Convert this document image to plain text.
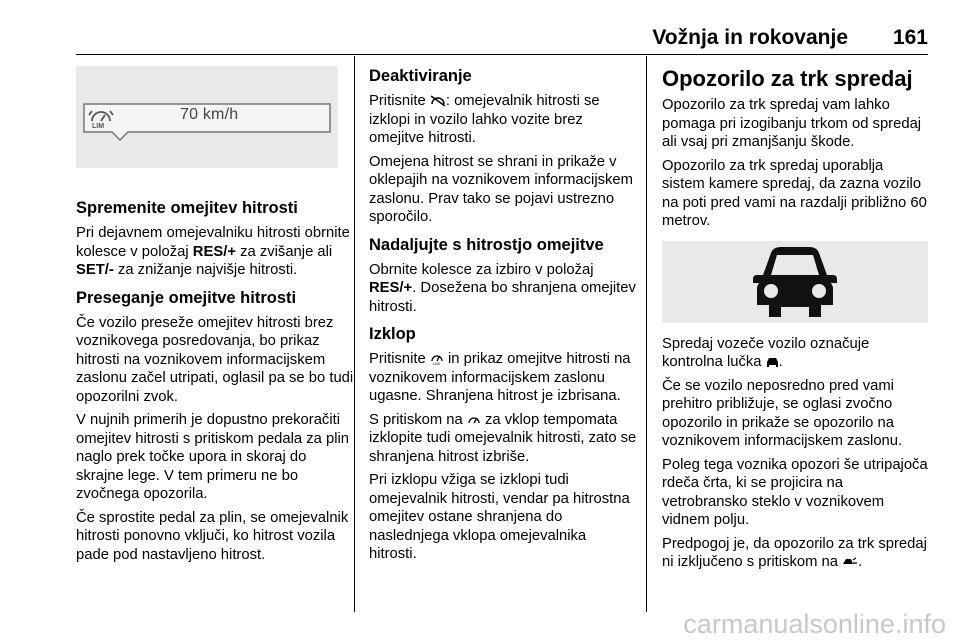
Vožnja in rokovanje	161
LIM
70 km/h
Spremenite omejitev hitrosti

Pri dejavnem omejevalniku hitrosti obrnite kolesce v položaj RES/+ za zvišanje ali SET/- za znižanje najvišje hitrosti.

Preseganje omejitve hitrosti

Če vozilo preseže omejitev hitrosti brez voznikovega posredovanja, bo prikaz hitrosti na voznikovem informacijskem zaslonu začel utripati, oglasil pa se bo tudi opozorilni zvok.

V nujnih primerih je dopustno prekoračiti omejitev hitrosti s pritiskom pedala za plin naglo prek točke upora in skoraj do skrajne lege. V tem primeru ne bo zvočnega opozorila.

Če sprostite pedal za plin, se omejevalnik hitrosti ponovno vključi, ko hitrost vozila pade pod nastavljeno hitrost.

Deaktiviranje

Pritisnite : omejevalnik hitrosti se izklopi in vozilo lahko vozite brez omejitve hitrosti.

Omejena hitrost se shrani in prikaže v oklepajih na voznikovem informacijskem zaslonu. Prav tako se pojavi ustrezno sporočilo.

Nadaljujte s hitrostjo omejitve

Obrnite kolesce za izbiro v položaj RES/+. Dosežena bo shranjena omejitev hitrosti.

Izklop

Pritisnite LIM in prikaz omejitve hitrosti na voznikovem informacijskem zaslonu ugasne. Shranjena hitrost je izbrisana.

S pritiskom na  za vklop tempomata izklopite tudi omejevalnik hitrosti, zato se shranjena hitrost izbriše.

Pri izklopu vžiga se izklopi tudi omejevalnik hitrosti, vendar pa hitrostna omejitev ostane shranjena do naslednjega vklopa omejevalnika hitrosti.

Opozorilo za trk spredaj

Opozorilo za trk spredaj vam lahko pomaga pri izogibanju trkom od spredaj ali vsaj pri zmanjšanju škode.

Opozorilo za trk spredaj uporablja sistem kamere spredaj, da zazna vozilo na poti pred vami na razdalji približno 60 metrov.

Spredaj vozeče vozilo označuje kontrolna lučka .

Če se vozilo neposredno pred vami prehitro približuje, se oglasi zvočno opozorilo in prikaže se opozorilo na voznikovem informacijskem zaslonu.

Poleg tega voznika opozori še utripajoča rdeča črta, ki se projicira na vetrobransko steklo v voznikovem vidnem polju.

Predpogoj je, da opozorilo za trk spredaj ni izključeno s pritiskom na .

carmanualsonline.info
